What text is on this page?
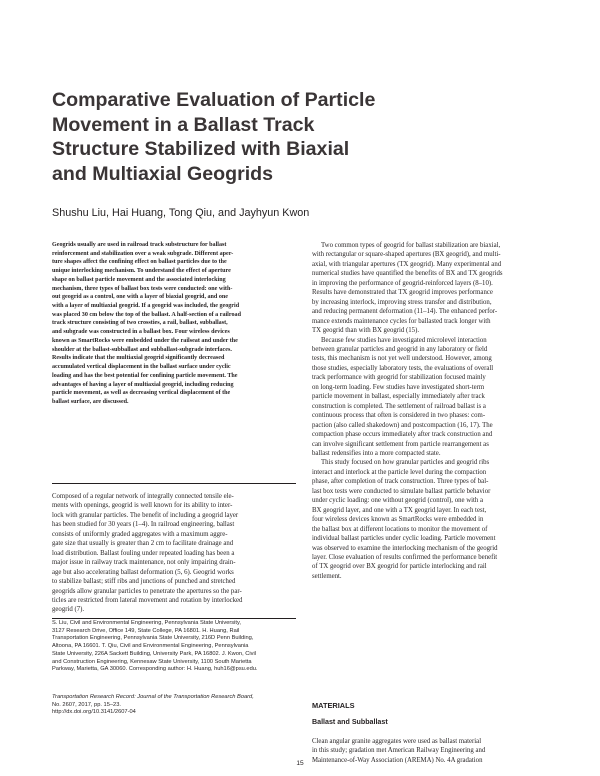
Comparative Evaluation of Particle
Movement in a Ballast Track
Structure Stabilized with Biaxial
and Multiaxial Geogrids
Shushu Liu, Hai Huang, Tong Qiu, and Jayhyun Kwon
Geogrids usually are used in railroad track substructure for ballast
reinforcement and stabilization over a weak subgrade. Different aper-
ture shapes affect the confining effect on ballast particles due to the
unique interlocking mechanism. To understand the effect of aperture
shape on ballast particle movement and the associated interlocking
mechanism, three types of ballast box tests were conducted: one with-
out geogrid as a control, one with a layer of biaxial geogrid, and one
with a layer of multiaxial geogrid. If a geogrid was included, the geogrid
was placed 30 cm below the top of the ballast. A half-section of a railroad
track structure consisting of two crossties, a rail, ballast, subballast,
and subgrade was constructed in a ballast box. Four wireless devices
known as SmartRocks were embedded under the railseat and under the
shoulder at the ballast-subballast and subballast-subgrade interfaces.
Results indicate that the multiaxial geogrid significantly decreased
accumulated vertical displacement in the ballast surface under cyclic
loading and has the best potential for confining particle movement. The
advantages of having a layer of multiaxial geogrid, including reducing
particle movement, as well as decreasing vertical displacement of the
ballast surface, are discussed.
Composed of a regular network of integrally connected tensile ele-
ments with openings, geogrid is well known for its ability to inter-
lock with granular particles. The benefit of including a geogrid layer
has been studied for 30 years (1–4). In railroad engineering, ballast
consists of uniformly graded aggregates with a maximum aggre-
gate size that usually is greater than 2 cm to facilitate drainage and
load distribution. Ballast fouling under repeated loading has been a
major issue in railway track maintenance, not only impairing drain-
age but also accelerating ballast deformation (5, 6). Geogrid works
to stabilize ballast; stiff ribs and junctions of punched and stretched
geogrids allow granular particles to penetrate the apertures so the par-
ticles are restricted from lateral movement and rotation by interlocked
geogrid (7).
S. Liu, Civil and Environmental Engineering, Pennsylvania State University,
3127 Research Drive, Office 149, State College, PA 16801. H. Huang, Rail
Transportation Engineering, Pennsylvania State University, 216D Penn Building,
Altoona, PA 16601. T. Qiu, Civil and Environmental Engineering, Pennsylvania
State University, 226A Sackett Building, University Park, PA 16802. J. Kwon, Civil
and Construction Engineering, Kennesaw State University, 1100 South Marietta
Parkway, Marietta, GA 30060. Corresponding author: H. Huang, huh16@psu.edu.
Transportation Research Record: Journal of the Transportation Research Board,
No. 2607, 2017, pp. 15–23.
http://dx.doi.org/10.3141/2607-04
Two common types of geogrid for ballast stabilization are biaxial,
with rectangular or square-shaped apertures (BX geogrid), and multi-
axial, with triangular apertures (TX geogrid). Many experimental and
numerical studies have quantified the benefits of BX and TX geogrids
in improving the performance of geogrid-reinforced layers (8–10).
Results have demonstrated that TX geogrid improves performance
by increasing interlock, improving stress transfer and distribution,
and reducing permanent deformation (11–14). The enhanced perfor-
mance extends maintenance cycles for ballasted track longer with
TX geogrid than with BX geogrid (15).
Because few studies have investigated microlevel interaction
between granular particles and geogrid in any laboratory or field
tests, this mechanism is not yet well understood. However, among
those studies, especially laboratory tests, the evaluations of overall
track performance with geogrid for stabilization focused mainly
on long-term loading. Few studies have investigated short-term
particle movement in ballast, especially immediately after track
construction is completed. The settlement of railroad ballast is a
continuous process that often is considered in two phases: com-
paction (also called shakedown) and postcompaction (16, 17). The
compaction phase occurs immediately after track construction and
can involve significant settlement from particle rearrangement as
ballast redensifies into a more compacted state.
This study focused on how granular particles and geogrid ribs
interact and interlock at the particle level during the compaction
phase, after completion of track construction. Three types of bal-
last box tests were conducted to simulate ballast particle behavior
under cyclic loading: one without geogrid (control), one with a
BX geogrid layer, and one with a TX geogrid layer. In each test,
four wireless devices known as SmartRocks were embedded in
the ballast box at different locations to monitor the movement of
individual ballast particles under cyclic loading. Particle movement
was observed to examine the interlocking mechanism of the geogrid
layer. Close evaluation of results confirmed the performance benefit
of TX geogrid over BX geogrid for particle interlocking and rail
settlement.
MATERIALS
Ballast and Subballast
Clean angular granite aggregates were used as ballast material
in this study; gradation met American Railway Engineering and
Maintenance-of-Way Association (AREMA) No. 4A gradation
15
